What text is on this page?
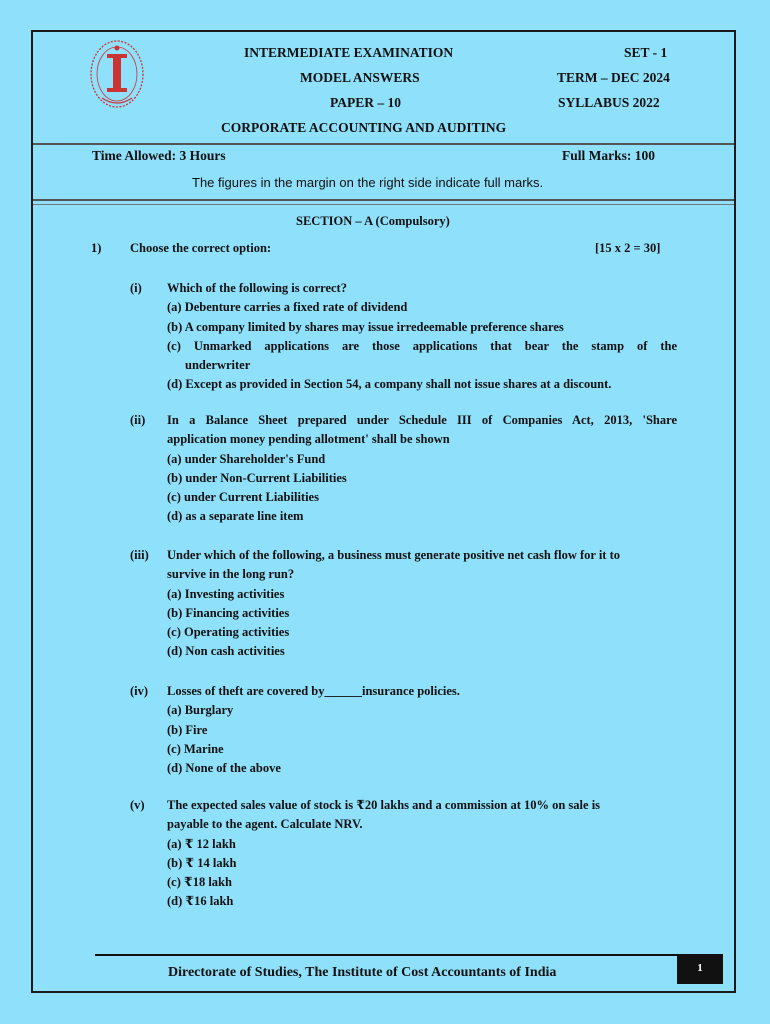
INTERMEDIATE EXAMINATION	SET - 1
MODEL ANSWERS	TERM – DEC 2024
PAPER – 10	SYLLABUS 2022
CORPORATE ACCOUNTING AND AUDITING
Time Allowed: 3 Hours	Full Marks: 100
The figures in the margin on the right side indicate full marks.
SECTION – A (Compulsory)
1) Choose the correct option:	[15 x 2 = 30]
(i) Which of the following is correct?
(a) Debenture carries a fixed rate of dividend
(b) A company limited by shares may issue irredeemable preference shares
(c) Unmarked applications are those applications that bear the stamp of the
underwriter
(d) Except as provided in Section 54, a company shall not issue shares at a discount.
(ii) In a Balance Sheet prepared under Schedule III of Companies Act, 2013, 'Share
application money pending allotment' shall be shown
(a) under Shareholder's Fund
(b) under Non-Current Liabilities
(c) under Current Liabilities
(d) as a separate line item
(iii) Under which of the following, a business must generate positive net cash flow for it to
survive in the long run?
(a) Investing activities
(b) Financing activities
(c) Operating activities
(d) Non cash activities
(iv) Losses of theft are covered by______insurance policies.
(a) Burglary
(b) Fire
(c) Marine
(d) None of the above
(v) The expected sales value of stock is ₹20 lakhs and a commission at 10% on sale is
payable to the agent. Calculate NRV.
(a) ₹ 12 lakh
(b) ₹ 14 lakh
(c) ₹18 lakh
(d) ₹16 lakh
Directorate of Studies, The Institute of Cost Accountants of India	1
